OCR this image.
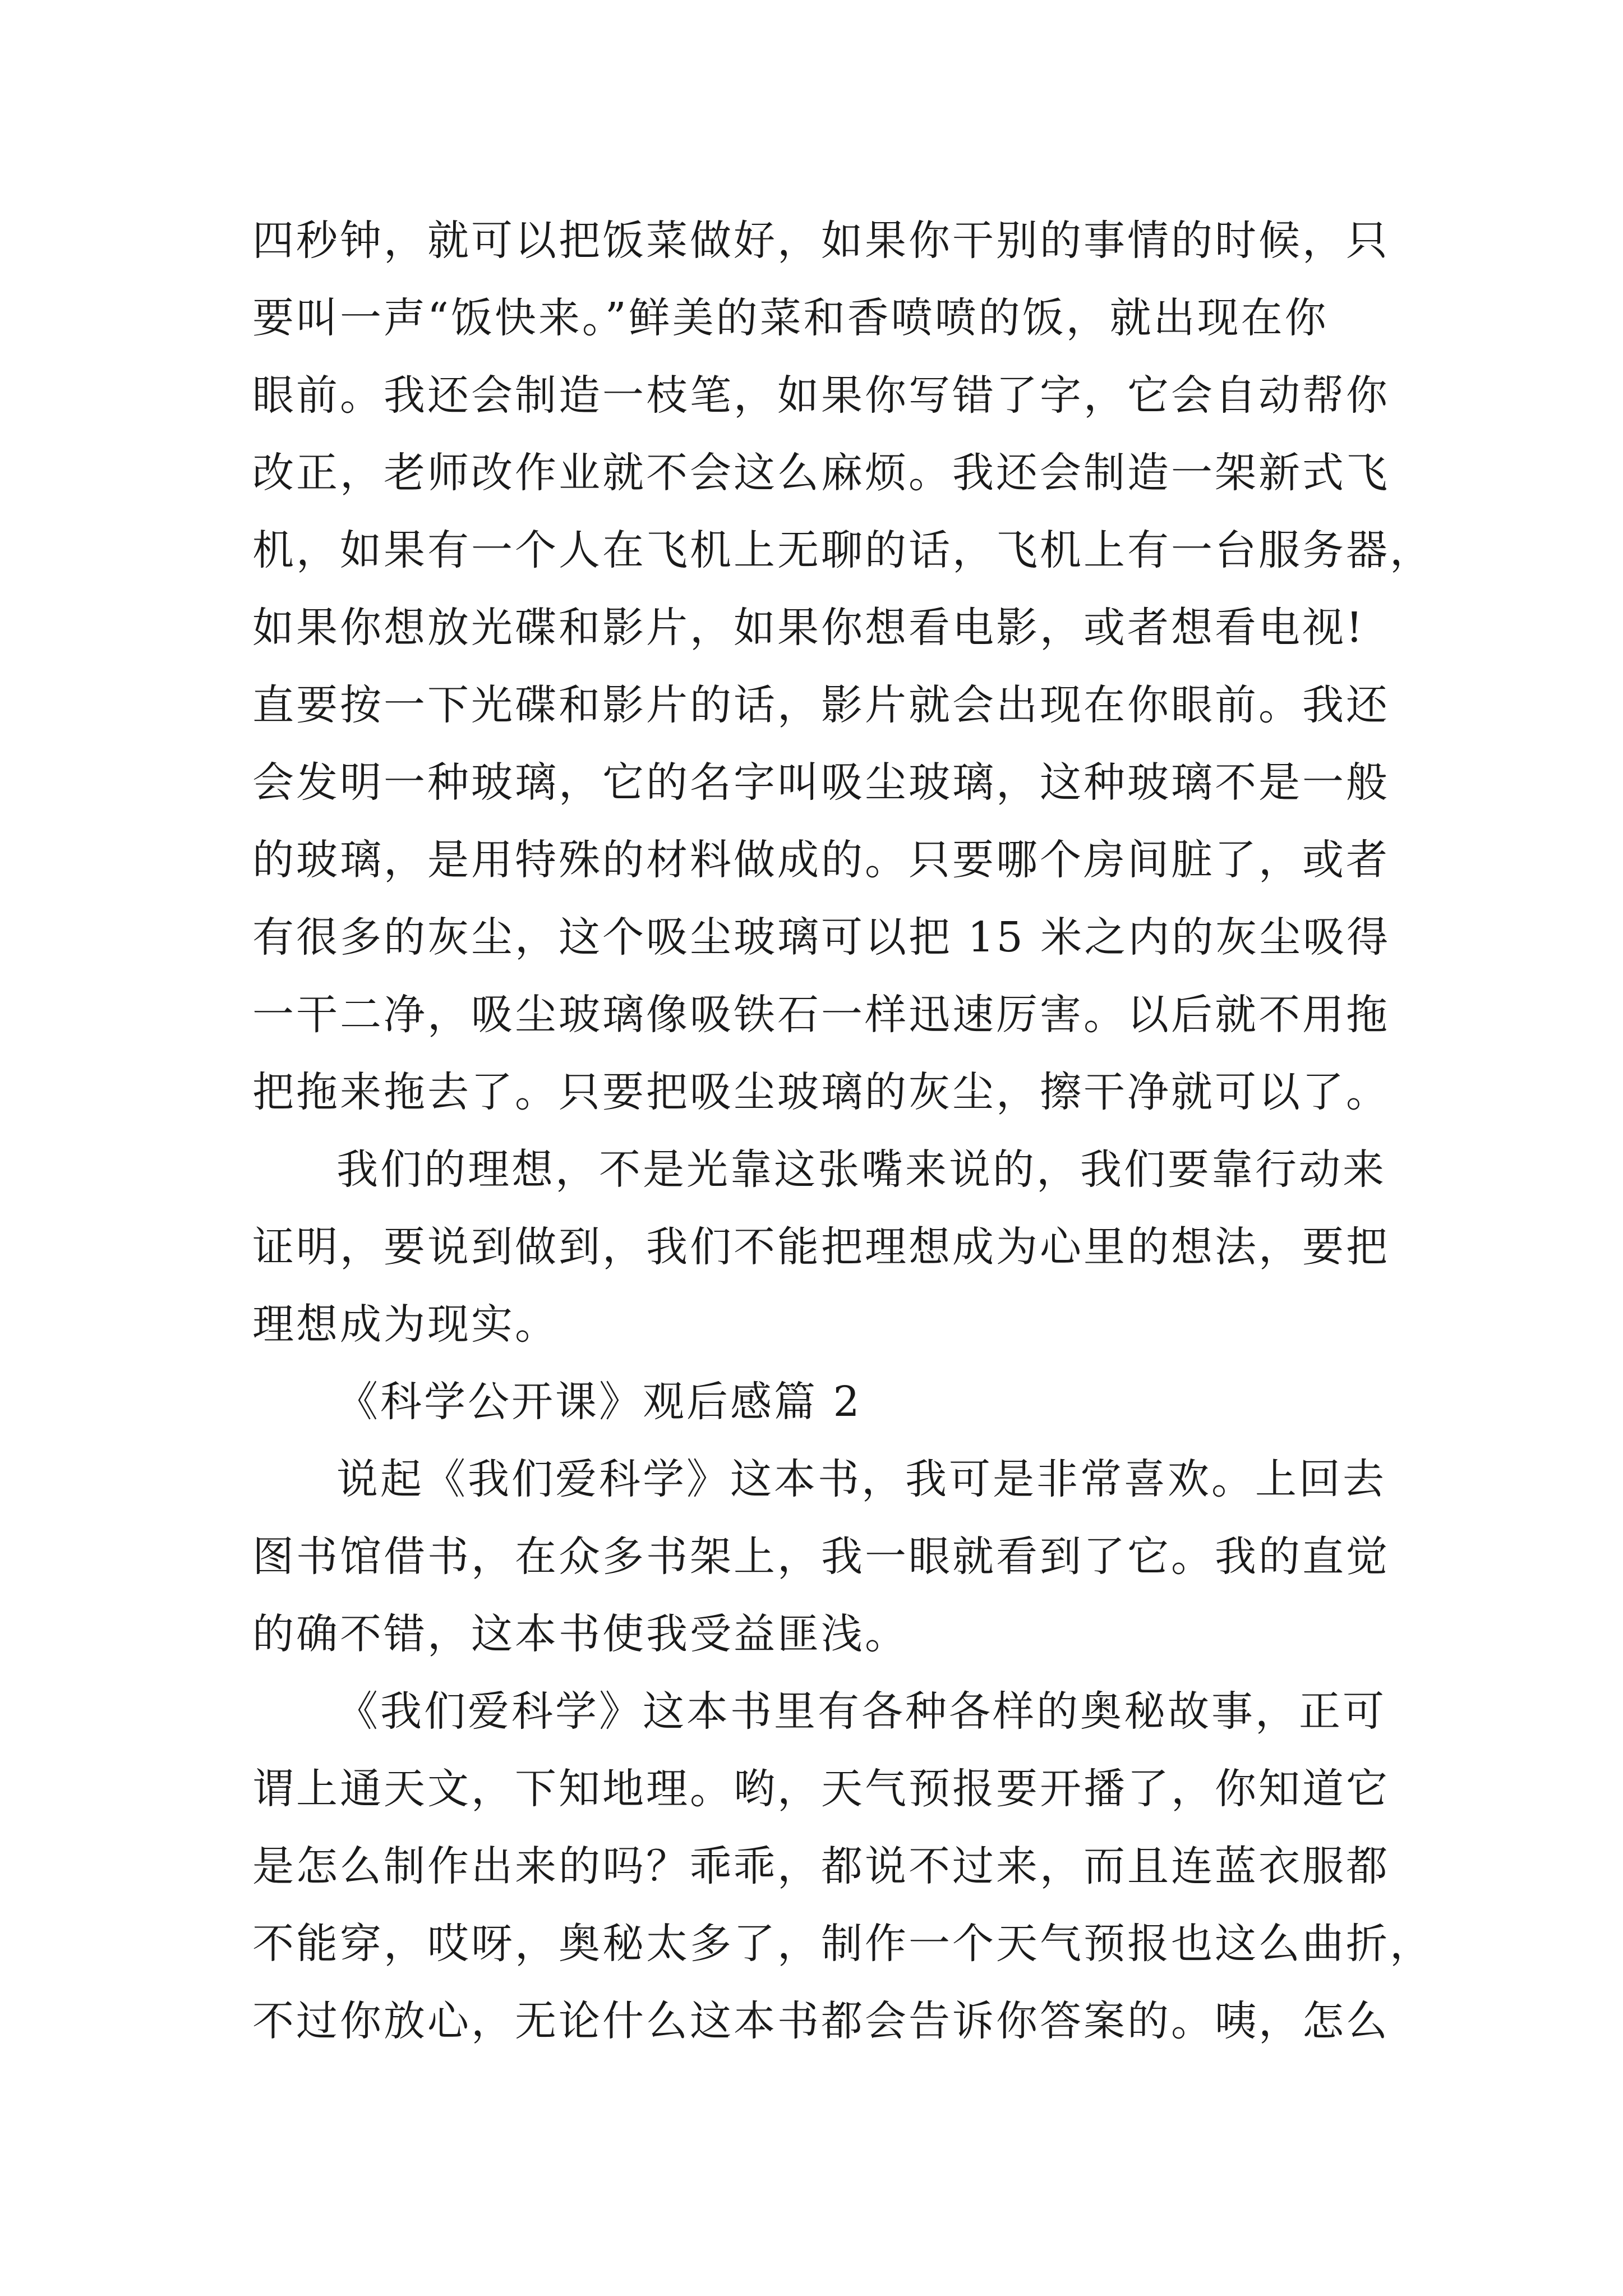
四秒钟，就可以把饭菜做好，如果你干别的事情的时候，只
要叫一声“饭快来。”鲜美的菜和香喷喷的饭，就出现在你
眼前。我还会制造一枝笔，如果你写错了字，它会自动帮你
改正，老师改作业就不会这么麻烦。我还会制造一架新式飞
机，如果有一个人在飞机上无聊的话，飞机上有一台服务器，
如果你想放光碟和影片，如果你想看电影，或者想看电视!
直要按一下光碟和影片的话，影片就会出现在你眼前。我还
会发明一种玻璃，它的名字叫吸尘玻璃，这种玻璃不是一般
的玻璃，是用特殊的材料做成的。只要哪个房间脏了，或者
有很多的灰尘，这个吸尘玻璃可以把 15 米之内的灰尘吸得
一干二净，吸尘玻璃像吸铁石一样迅速厉害。以后就不用拖
把拖来拖去了。只要把吸尘玻璃的灰尘，擦干净就可以了。
我们的理想，不是光靠这张嘴来说的，我们要靠行动来
证明，要说到做到，我们不能把理想成为心里的想法，要把
理想成为现实。
《科学公开课》观后感篇 2
说起《我们爱科学》这本书，我可是非常喜欢。上回去
图书馆借书，在众多书架上，我一眼就看到了它。我的直觉
的确不错，这本书使我受益匪浅。
《我们爱科学》这本书里有各种各样的奥秘故事，正可
谓上通天文，下知地理。哟，天气预报要开播了，你知道它
是怎么制作出来的吗？乖乖，都说不过来，而且连蓝衣服都
不能穿，哎呀，奥秘太多了，制作一个天气预报也这么曲折，
不过你放心，无论什么这本书都会告诉你答案的。咦，怎么
